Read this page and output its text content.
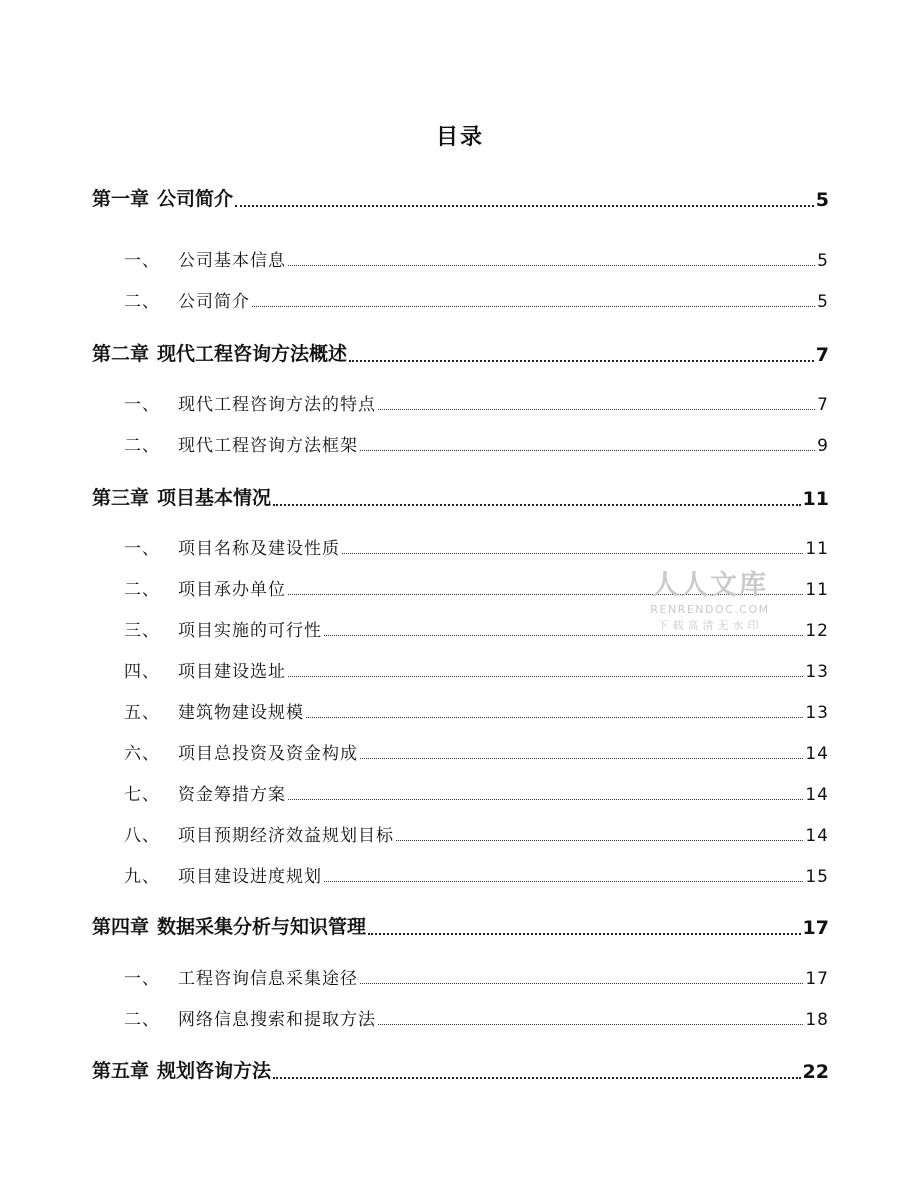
目录
第一章 公司简介	5
一、 公司基本信息	5
二、 公司简介	5
第二章 现代工程咨询方法概述	7
一、 现代工程咨询方法的特点	7
二、 现代工程咨询方法框架	9
第三章 项目基本情况	11
一、 项目名称及建设性质	11
二、 项目承办单位	11
三、 项目实施的可行性	12
四、 项目建设选址	13
五、 建筑物建设规模	13
六、 项目总投资及资金构成	14
七、 资金筹措方案	14
八、 项目预期经济效益规划目标	14
九、 项目建设进度规划	15
第四章 数据采集分析与知识管理	17
一、 工程咨询信息采集途径	17
二、 网络信息搜索和提取方法	18
第五章 规划咨询方法	22
人人文库
RENRENDOC.COM
下载高清无水印
